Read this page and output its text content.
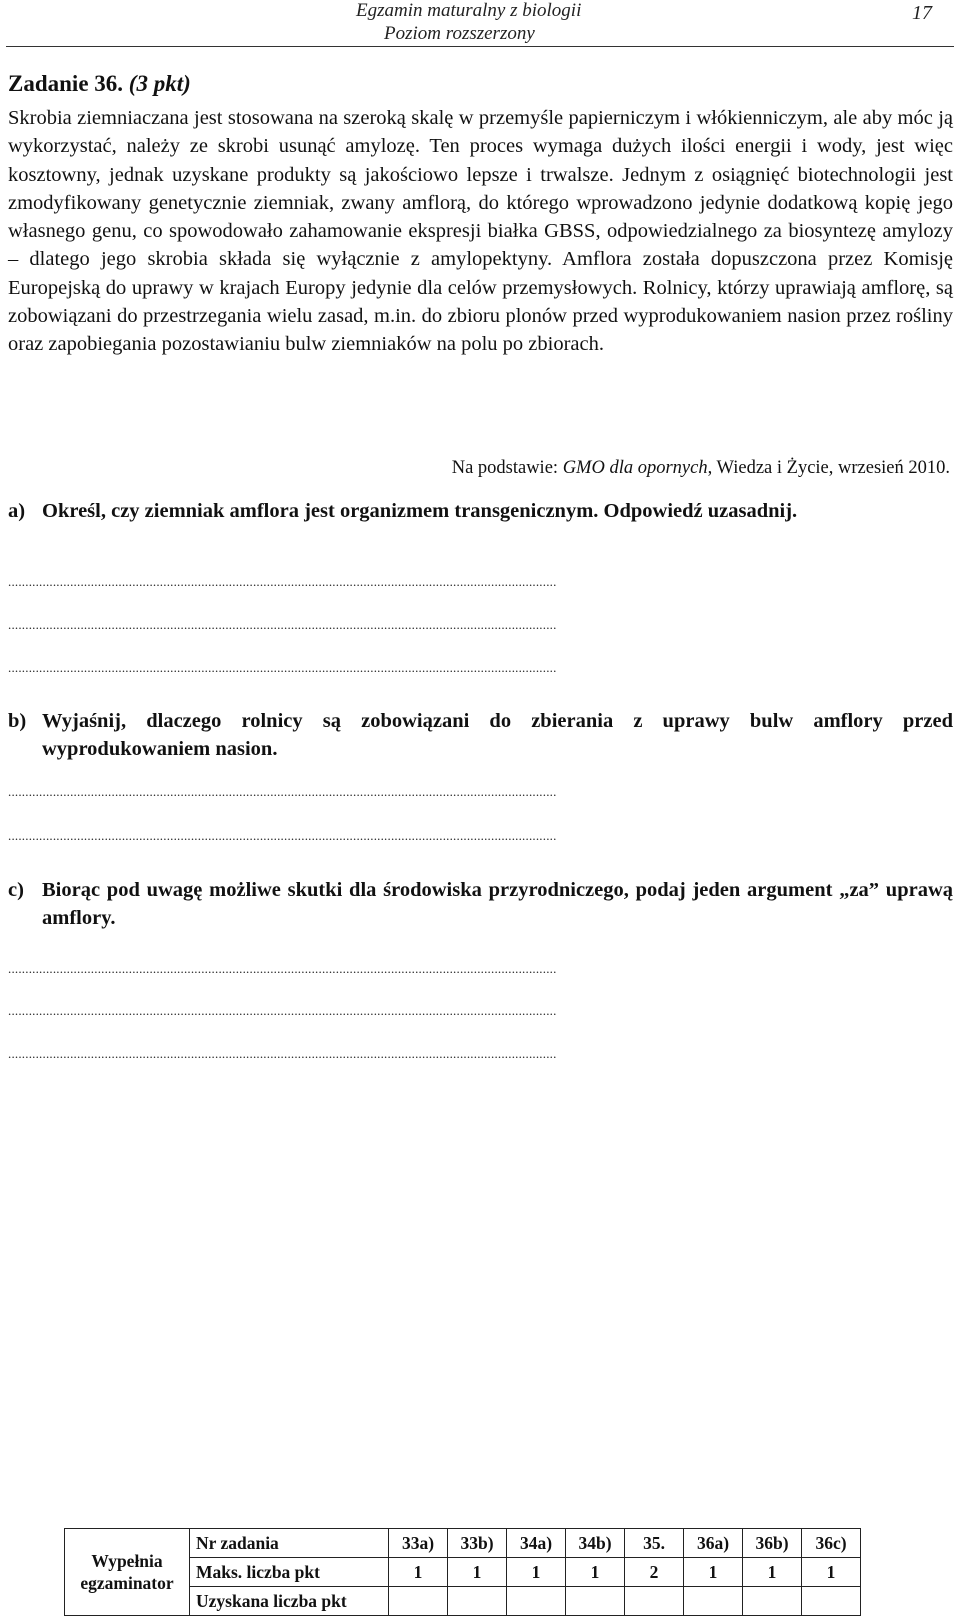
Egzamin maturalny z biologii
Poziom rozszerzony
17
Zadanie 36. (3 pkt)

Skrobia ziemniaczana jest stosowana na szeroką skalę w przemyśle papierniczym i włókienniczym, ale aby móc ją wykorzystać, należy ze skrobi usunąć amylozę. Ten proces wymaga dużych ilości energii i wody, jest więc kosztowny, jednak uzyskane produkty są jakościowo lepsze i trwalsze. Jednym z osiągnięć biotechnologii jest zmodyfikowany genetycznie ziemniak, zwany amflorą, do którego wprowadzono jedynie dodatkową kopię jego własnego genu, co spowodowało zahamowanie ekspresji białka GBSS, odpowiedzialnego za biosyntezę amylozy – dlatego jego skrobia składa się wyłącznie z amylopektyny. Amflora została dopuszczona przez Komisję Europejską do uprawy w krajach Europy jedynie dla celów przemysłowych. Rolnicy, którzy uprawiają amflorę, są zobowiązani do przestrzegania wielu zasad, m.in. do zbioru plonów przed wyprodukowaniem nasion przez rośliny oraz zapobiegania pozostawianiu bulw ziemniaków na polu po zbiorach.

Na podstawie: GMO dla opornych, Wiedza i Życie, wrzesień 2010.
a) Określ, czy ziemniak amflora jest organizmem transgenicznym. Odpowiedź uzasadnij.
...............................................................................................................................................................
...............................................................................................................................................................
...............................................................................................................................................................
b) Wyjaśnij, dlaczego rolnicy są zobowiązani do zbierania z uprawy bulw amflory przed wyprodukowaniem nasion.
...............................................................................................................................................................
...............................................................................................................................................................
c) Biorąc pod uwagę możliwe skutki dla środowiska przyrodniczego, podaj jeden argument „za” uprawą amflory.
...............................................................................................................................................................
...............................................................................................................................................................
...............................................................................................................................................................
Wypełnia egzaminator	Nr zadania	33a)	33b)	34a)	34b)	35.	36a)	36b)	36c)
	Maks. liczba pkt	1	1	1	1	2	1	1	1
	Uzyskana liczba pkt								
